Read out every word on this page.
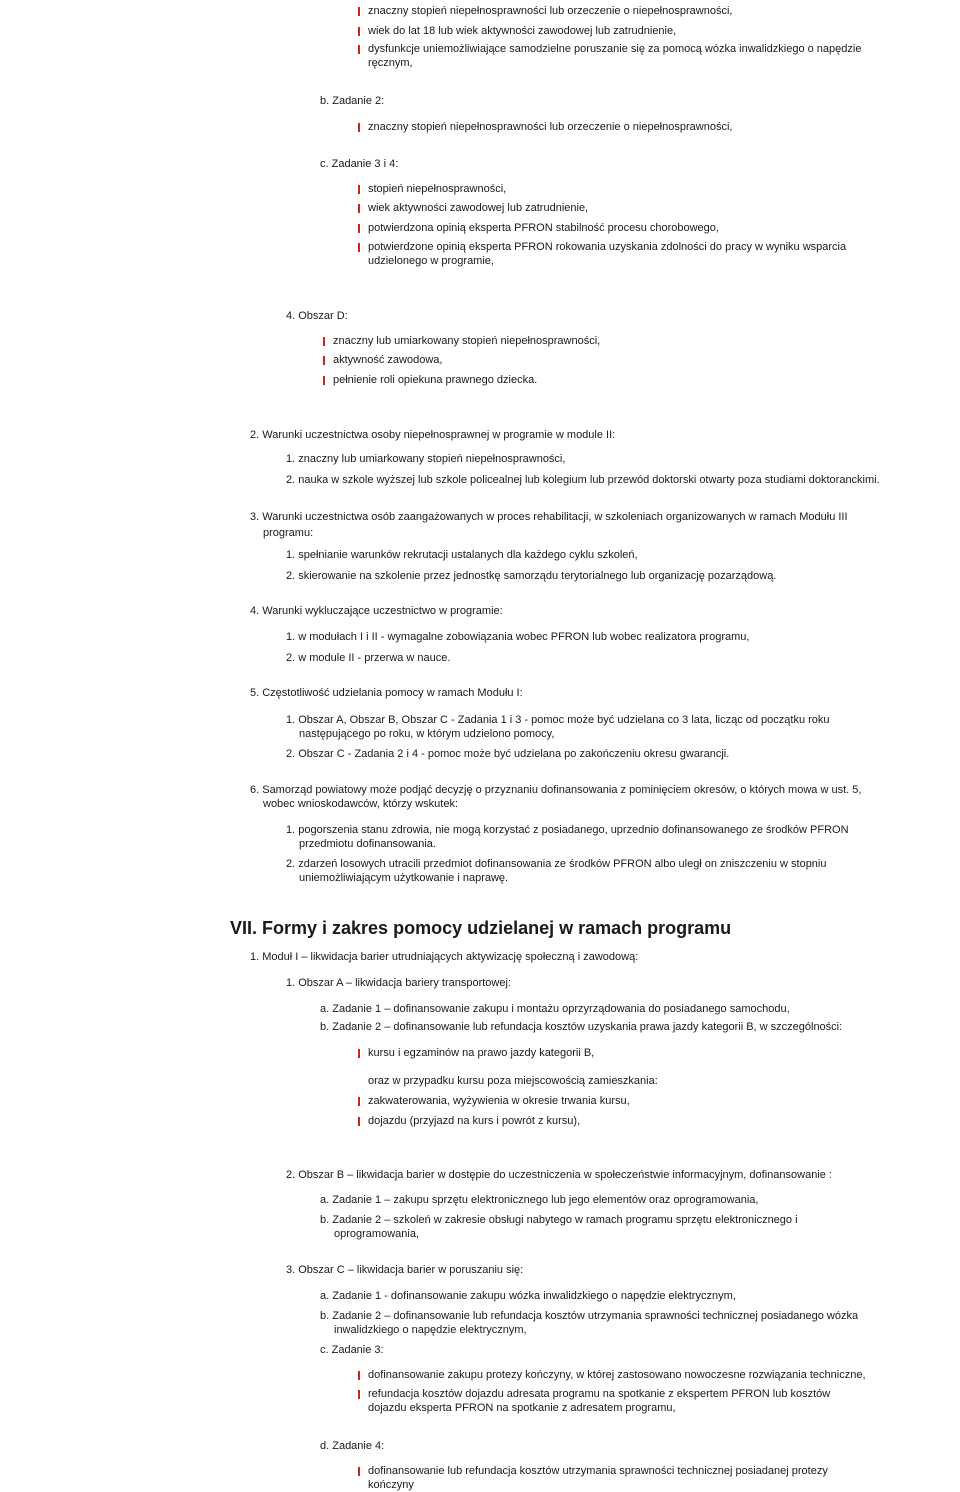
znaczny stopień niepełnosprawności lub orzeczenie o niepełnosprawności,
wiek do lat 18 lub wiek aktywności zawodowej lub zatrudnienie,
dysfunkcje uniemożliwiające samodzielne poruszanie się za pomocą wózka inwalidzkiego o napędzie
ręcznym,
b. Zadanie 2:
znaczny stopień niepełnosprawności lub orzeczenie o niepełnosprawności,
c. Zadanie 3 i 4:
stopień niepełnosprawności,
wiek aktywności zawodowej lub zatrudnienie,
potwierdzona opinią eksperta PFRON stabilność procesu chorobowego,
potwierdzone opinią eksperta PFRON rokowania uzyskania zdolności do pracy w wyniku wsparcia
udzielonego w programie,
4. Obszar D:
znaczny lub umiarkowany stopień niepełnosprawności,
aktywność zawodowa,
pełnienie roli opiekuna prawnego dziecka.
2. Warunki uczestnictwa osoby niepełnosprawnej w programie w module II:
1. znaczny lub umiarkowany stopień niepełnosprawności,
2. nauka w szkole wyższej lub szkole policealnej lub kolegium lub przewód doktorski otwarty poza studiami doktoranckimi.
3. Warunki uczestnictwa osób zaangażowanych w proces rehabilitacji, w szkoleniach organizowanych w ramach Modułu III
programu:
1. spełnianie warunków rekrutacji ustalanych dla każdego cyklu szkoleń,
2. skierowanie na szkolenie przez jednostkę samorządu terytorialnego lub organizację pozarządową.
4. Warunki wykluczające uczestnictwo w programie:
1. w modułach I i II - wymagalne zobowiązania wobec PFRON lub wobec realizatora programu,
2. w module II - przerwa w nauce.
5. Częstotliwość udzielania pomocy w ramach Modułu I:
1. Obszar A, Obszar B, Obszar C - Zadania 1 i 3 - pomoc może być udzielana co 3 lata, licząc od początku roku
następującego po roku, w którym udzielono pomocy,
2. Obszar C - Zadania 2 i 4 - pomoc może być udzielana po zakończeniu okresu gwarancji.
6. Samorząd powiatowy może podjąć decyzję o przyznaniu dofinansowania z pominięciem okresów, o których mowa w ust. 5,
wobec wnioskodawców, którzy wskutek:
1. pogorszenia stanu zdrowia, nie mogą korzystać z posiadanego, uprzednio dofinansowanego ze środków PFRON
przedmiotu dofinansowania.
2. zdarzeń losowych utracili przedmiot dofinansowania ze środków PFRON albo uległ on zniszczeniu w stopniu
uniemożliwiającym użytkowanie i naprawę.
VII. Formy i zakres pomocy udzielanej w ramach programu
1. Moduł I – likwidacja barier utrudniających aktywizację społeczną i zawodową:
1. Obszar A – likwidacja bariery transportowej:
a. Zadanie 1 – dofinansowanie zakupu i montażu oprzyrządowania do posiadanego samochodu,
b. Zadanie 2 – dofinansowanie lub refundacja kosztów uzyskania prawa jazdy kategorii B, w szczególności:
kursu i egzaminów na prawo jazdy kategorii B,
oraz w przypadku kursu poza miejscowością zamieszkania:
zakwaterowania, wyżywienia w okresie trwania kursu,
dojazdu (przyjazd na kurs i powrót z kursu),
2. Obszar B – likwidacja barier w dostępie do uczestniczenia w społeczeństwie informacyjnym, dofinansowanie :
a. Zadanie 1 – zakupu sprzętu elektronicznego lub jego elementów oraz oprogramowania,
b. Zadanie 2 – szkoleń w zakresie obsługi nabytego w ramach programu sprzętu elektronicznego i
oprogramowania,
3. Obszar C – likwidacja barier w poruszaniu się:
a. Zadanie 1 - dofinansowanie zakupu wózka inwalidzkiego o napędzie elektrycznym,
b. Zadanie 2 – dofinansowanie lub refundacja kosztów utrzymania sprawności technicznej posiadanego wózka
inwalidzkiego o napędzie elektrycznym,
c. Zadanie 3:
dofinansowanie zakupu protezy kończyny, w której zastosowano nowoczesne rozwiązania techniczne,
refundacja kosztów dojazdu adresata programu na spotkanie z ekspertem PFRON lub kosztów
dojazdu eksperta PFRON na spotkanie z adresatem programu,
d. Zadanie 4:
dofinansowanie lub refundacja kosztów utrzymania sprawności technicznej posiadanej protezy
kończyny
